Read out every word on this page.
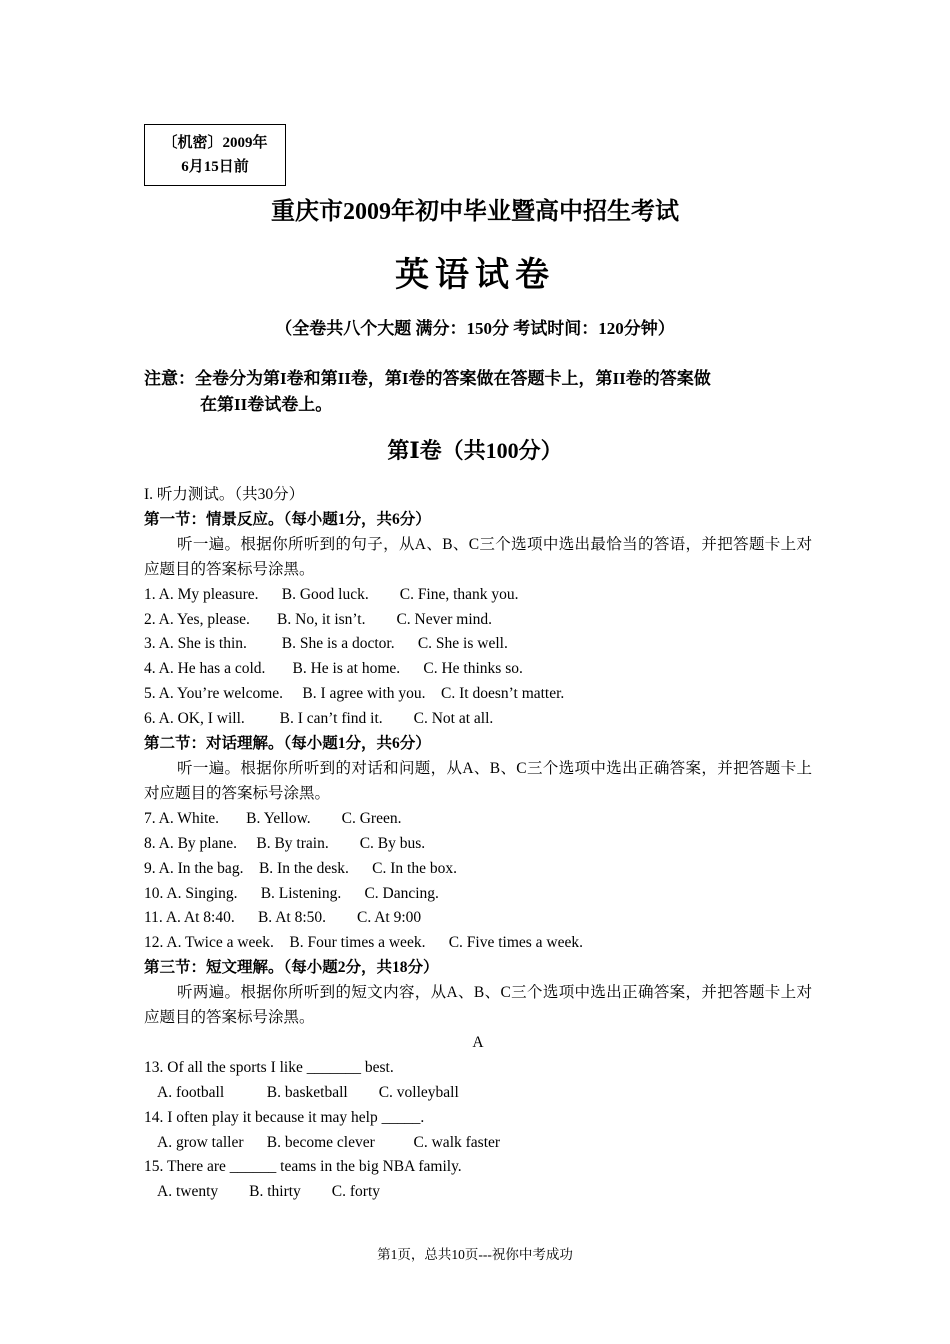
〔机密〕2009年
6月15日前
重庆市2009年初中毕业暨高中招生考试
英语试卷
（全卷共八个大题 满分：150分 考试时间：120分钟）
注意：全卷分为第I卷和第II卷，第I卷的答案做在答题卡上，第II卷的答案做
在第II卷试卷上。
第Ⅰ卷（共100分）
I. 听力测试。（共30分）
第一节：情景反应。（每小题1分，共6分）
听一遍。根据你所听到的句子，从A、B、C三个选项中选出最恰当的答语，并把答题卡上对应题目的答案标号涂黑。
1. A. My pleasure.      B. Good luck.        C. Fine, thank you.
2. A. Yes, please.       B. No, it isn’t.        C. Never mind.
3. A. She is thin.         B. She is a doctor.      C. She is well.
4. A. He has a cold.       B. He is at home.      C. He thinks so.
5. A. You’re welcome.     B. I agree with you.    C. It doesn’t matter.
6. A. OK, I will.         B. I can’t find it.        C. Not at all.
第二节：对话理解。（每小题1分，共6分）
听一遍。根据你所听到的对话和问题，从A、B、C三个选项中选出正确答案，并把答题卡上对应题目的答案标号涂黑。
7. A. White.       B. Yellow.        C. Green.
8. A. By plane.     B. By train.        C. By bus.
9. A. In the bag.    B. In the desk.      C. In the box.
10. A. Singing.      B. Listening.      C. Dancing.
11. A. At 8:40.      B. At 8:50.        C. At 9:00
12. A. Twice a week.    B. Four times a week.      C. Five times a week.
第三节：短文理解。（每小题2分，共18分）
听两遍。根据你所听到的短文内容，从A、B、C三个选项中选出正确答案，并把答题卡上对应题目的答案标号涂黑。
A
13. Of all the sports I like _______ best.
A. football           B. basketball        C. volleyball
14. I often play it because it may help _____.
A. grow taller      B. become clever          C. walk faster
15. There are ______ teams in the big NBA family.
A. twenty        B. thirty        C. forty
第1页，总共10页---祝你中考成功
